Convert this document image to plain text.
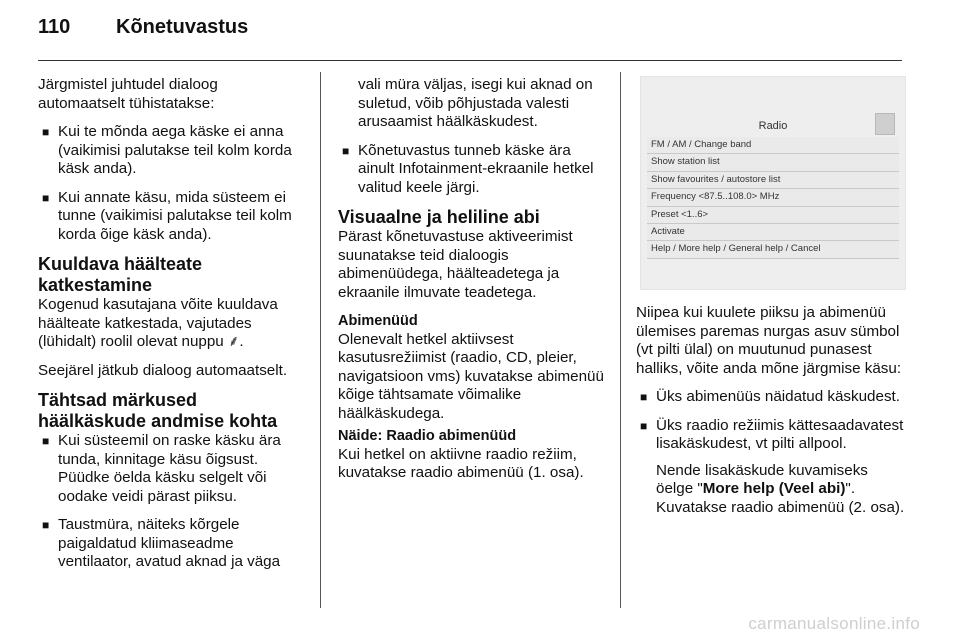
110 Kõnetuvastus

Järgmistel juhtudel dialoog automaatselt tühistatakse:

■ Kui te mõnda aega käske ei anna (vaikimisi palutakse teil kolm korda käsk anda).
■ Kui annate käsu, mida süsteem ei tunne (vaikimisi palutakse teil kolm korda õige käsk anda).
Kuuldava häälteate katkestamine

Kogenud kasutajana võite kuuldava häälteate katkestada, vajutades (lühidalt) roolil olevat nuppu ⸙.

Seejärel jätkub dialoog automaatselt.

Tähtsad märkused häälkäskude andmise kohta
■ Kui süsteemil on raske käsku ära tunda, kinnitage käsu õigsust. Püüdke öelda käsku selgelt või oodake veidi pärast piiksu.
■ Taustmüra, näiteks kõrgele paigaldatud kliimaseadme ventilaator, avatud aknad ja väga

vali müra väljas, isegi kui aknad on suletud, võib põhjustada valesti arusaamist häälkäskudest.

■ Kõnetuvastus tunneb käske ära ainult Infotainment-ekraanile hetkel valitud keele järgi.
Visuaalne ja heliline abi

Pärast kõnetuvastuse aktiveerimist suunatakse teid dialoogis abimenüüdega, häälteadetega ja ekraanile ilmuvate teadetega.

Abimenüüd

Olenevalt hetkel aktiivsest kasutusrežiimist (raadio, CD, pleier, navigatsioon vms) kuvatakse abimenüü kõige tähtsamate võimalike häälkäskudega.

Näide: Raadio abimenüüd

Kui hetkel on aktiivne raadio režiim, kuvatakse raadio abimenüü (1. osa).

Radio
FM / AM / Change band
Show station list
Show favourites / autostore list
Frequency <87.5..108.0> MHz
Preset <1..6>
Activate
Help / More help / General help / Cancel

Niipea kui kuulete piiksu ja abimenüü ülemises paremas nurgas asuv sümbol (vt pilti ülal) on muutunud punasest halliks, võite anda mõne järgmise käsu:

■ Üks abimenüüs näidatud käskudest.
■ Üks raadio režiimis kättesaadavatest lisakäskudest, vt pilti allpool.

Nende lisakäskude kuvamiseks öelge "More help (Veel abi)".
Kuvatakse raadio abimenüü (2. osa).

carmanualsonline.info
